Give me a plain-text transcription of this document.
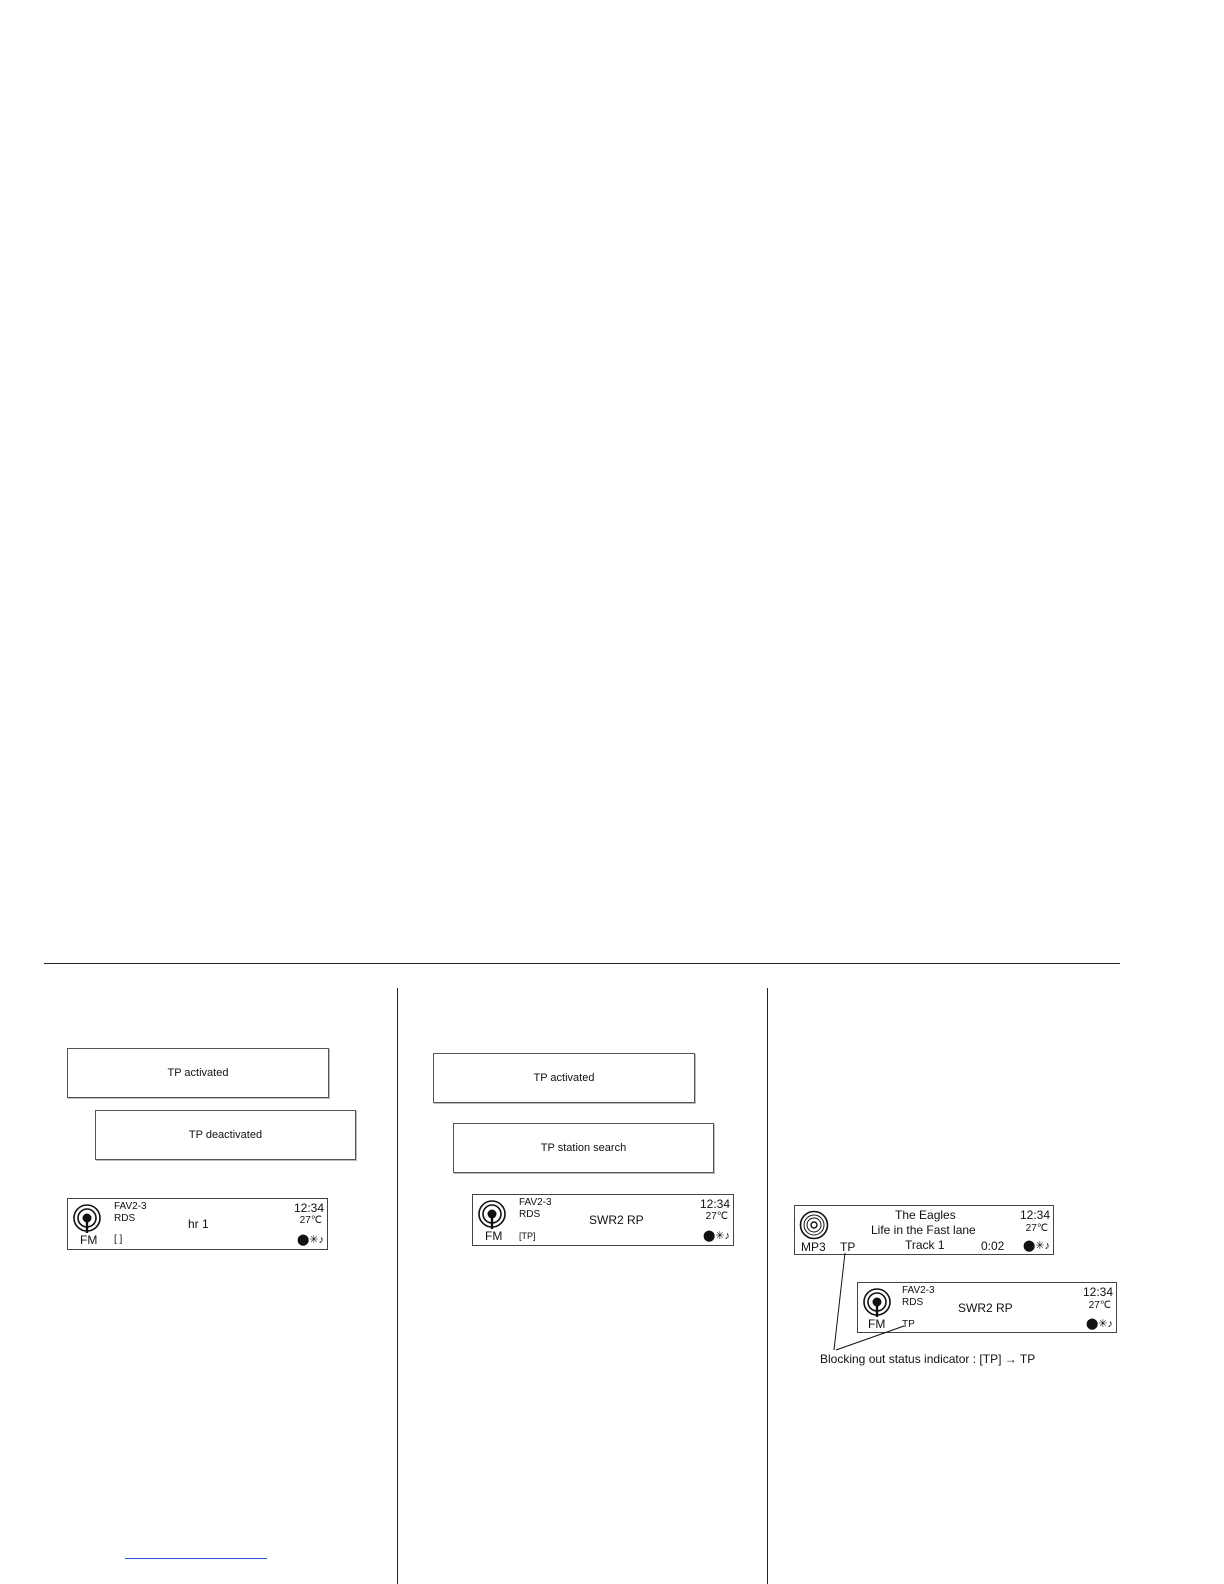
TP activated
TP deactivated
FM
FAV2-3
RDS	hr 1
12:34
27℃
[ ]	⬤✳♪
TP activated
TP station search
FM
FAV2-3
RDS	SWR2 RP
12:34
27℃
[TP]	⬤✳♪
MP3
The Eagles
Life in the Fast lane
Track 1	0:02
12:34
27℃
TP	⬤✳♪
FM
FAV2-3
RDS	SWR2 RP
12:34
27℃
TP	⬤✳♪
Blocking out status indicator : [TP] → TP
